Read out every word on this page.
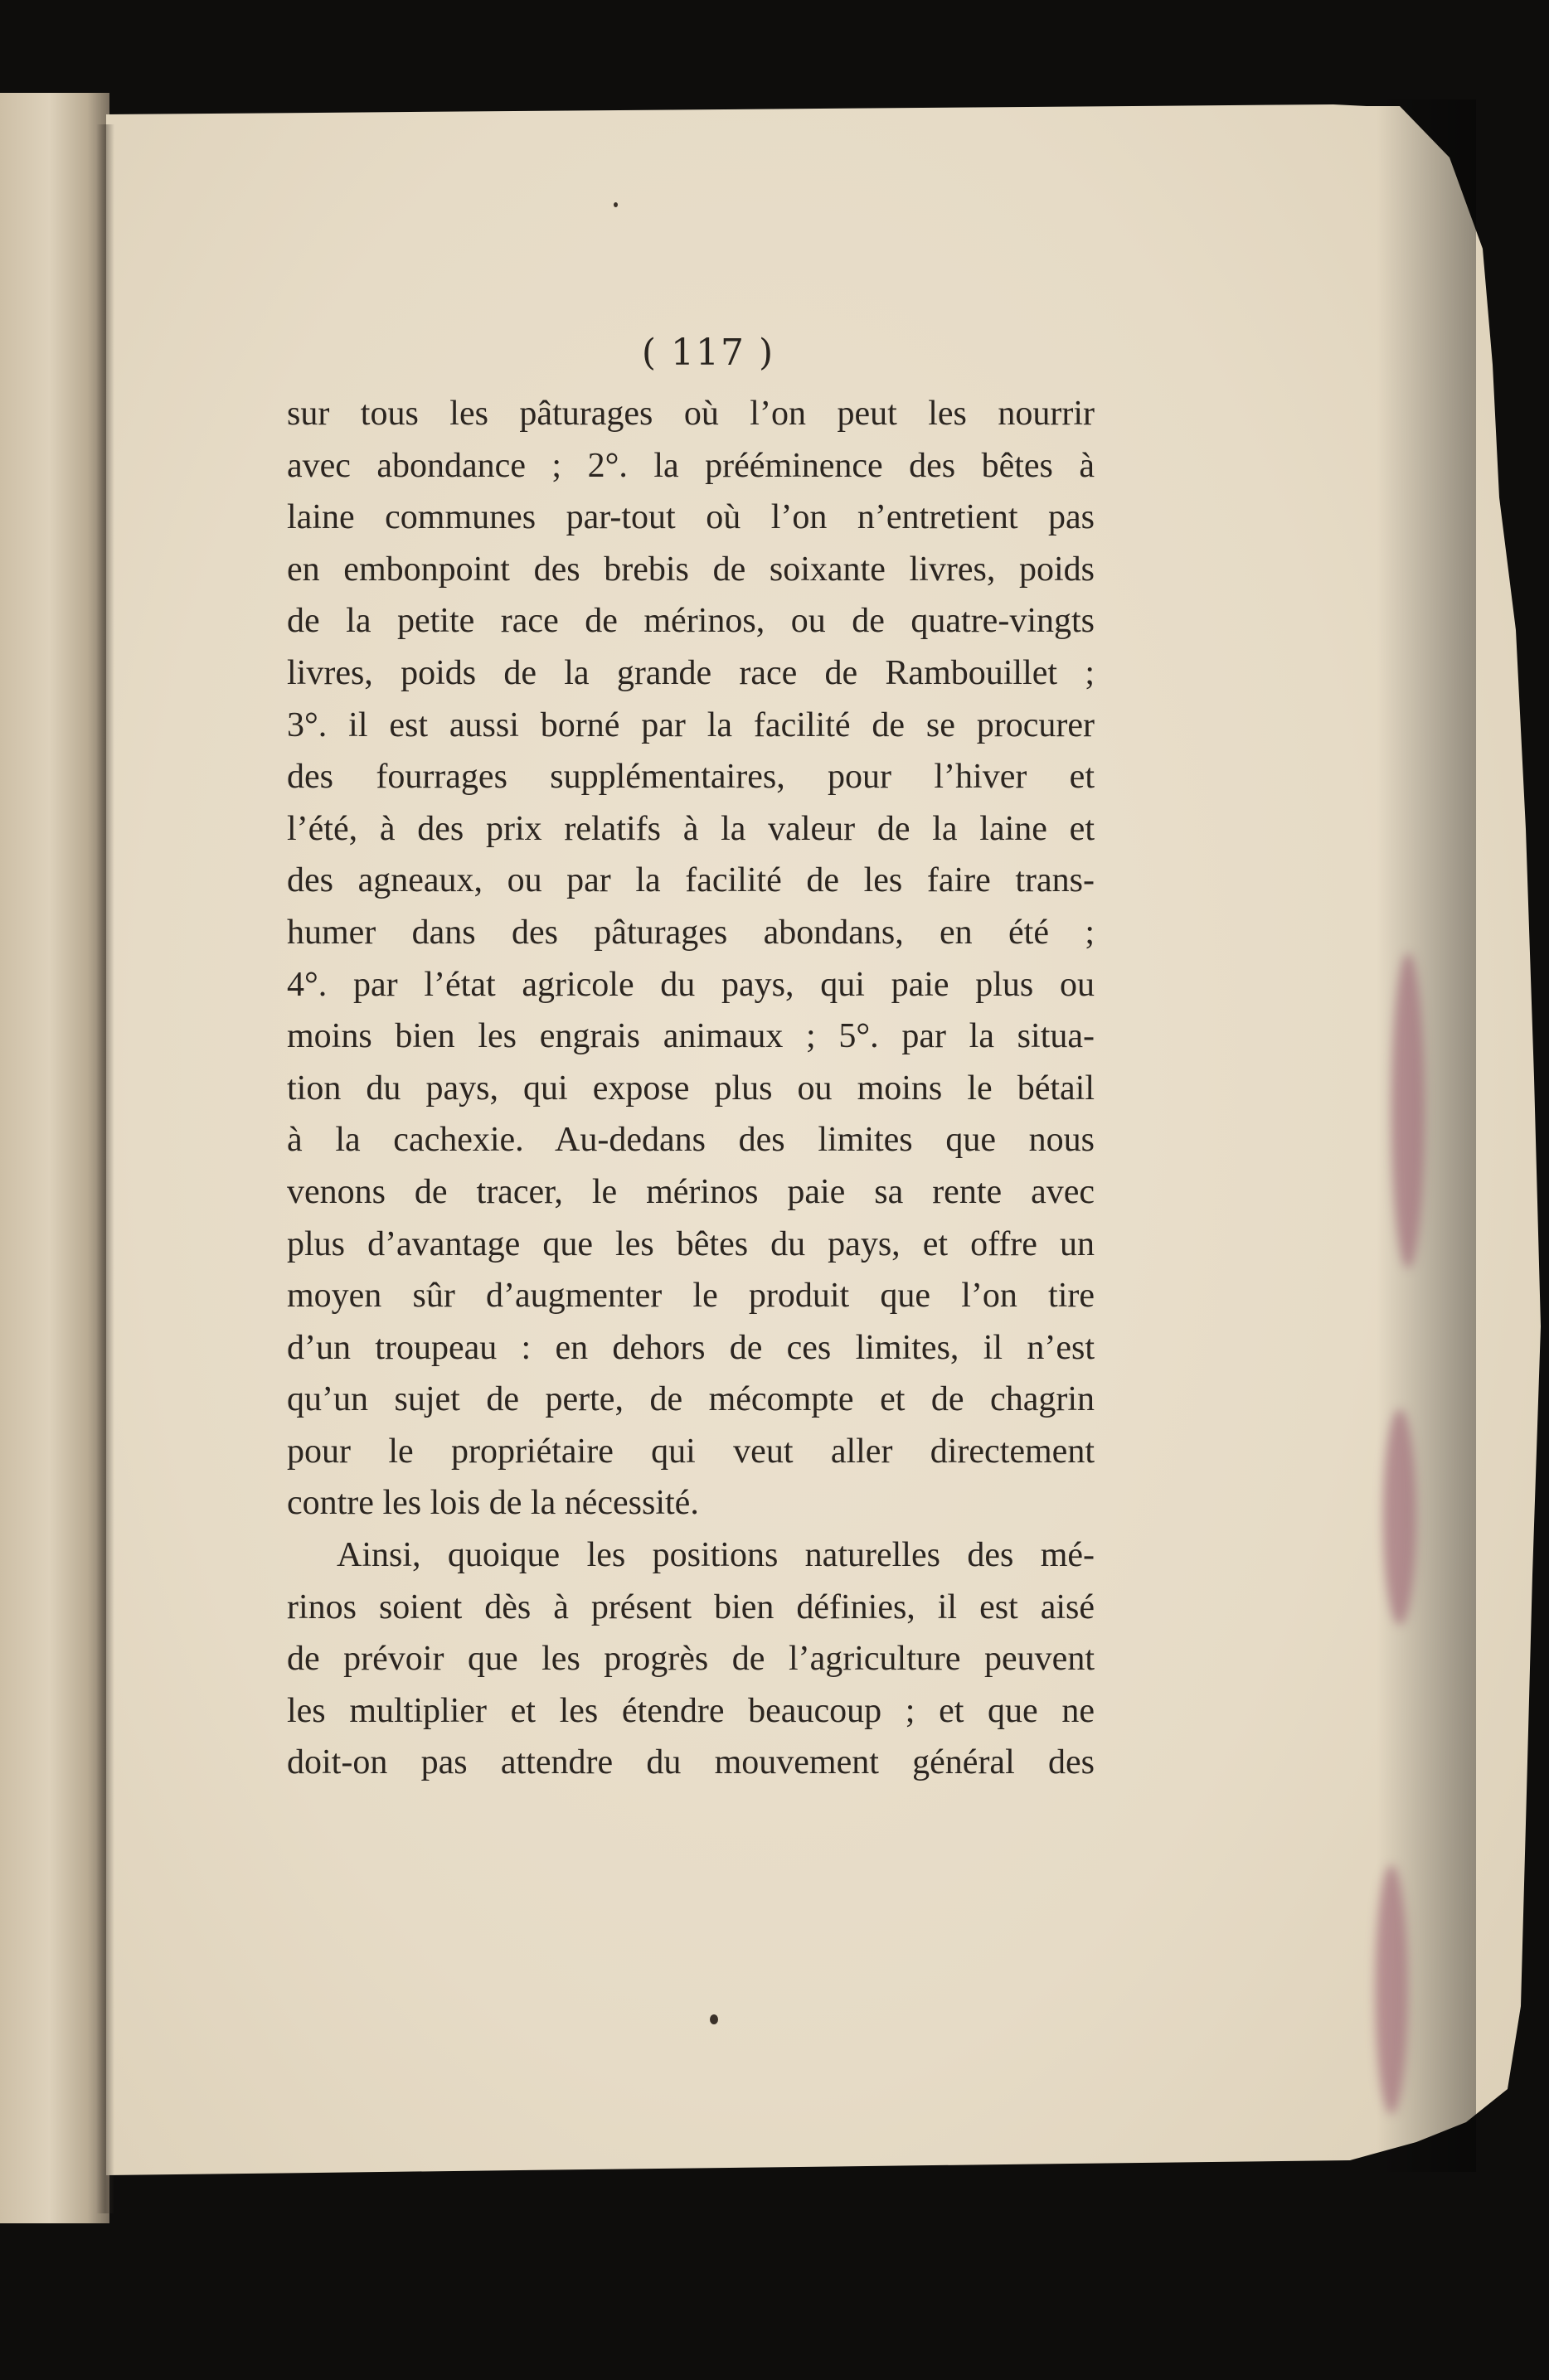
( 117 )
sur tous les pâturages où l’on peut les nourrir
avec abondance ; 2°. la prééminence des bêtes à
laine communes par-tout où l’on n’entretient pas
en embonpoint des brebis de soixante livres, poids
de la petite race de mérinos, ou de quatre-vingts
livres, poids de la grande race de Rambouillet ;
3°. il est aussi borné par la facilité de se procurer
des fourrages supplémentaires, pour l’hiver et
l’été, à des prix relatifs à la valeur de la laine et
des agneaux, ou par la facilité de les faire trans-
humer dans des pâturages abondans, en été ;
4°. par l’état agricole du pays, qui paie plus ou
moins bien les engrais animaux ; 5°. par la situa-
tion du pays, qui expose plus ou moins le bétail
à la cachexie. Au-dedans des limites que nous
venons de tracer, le mérinos paie sa rente avec
plus d’avantage que les bêtes du pays, et offre un
moyen sûr d’augmenter le produit que l’on tire
d’un troupeau : en dehors de ces limites, il n’est
qu’un sujet de perte, de mécompte et de chagrin
pour le propriétaire qui veut aller directement
contre les lois de la nécessité.
Ainsi, quoique les positions naturelles des mé-
rinos soient dès à présent bien définies, il est aisé
de prévoir que les progrès de l’agriculture peuvent
les multiplier et les étendre beaucoup ; et que ne
doit-on pas attendre du mouvement général des
